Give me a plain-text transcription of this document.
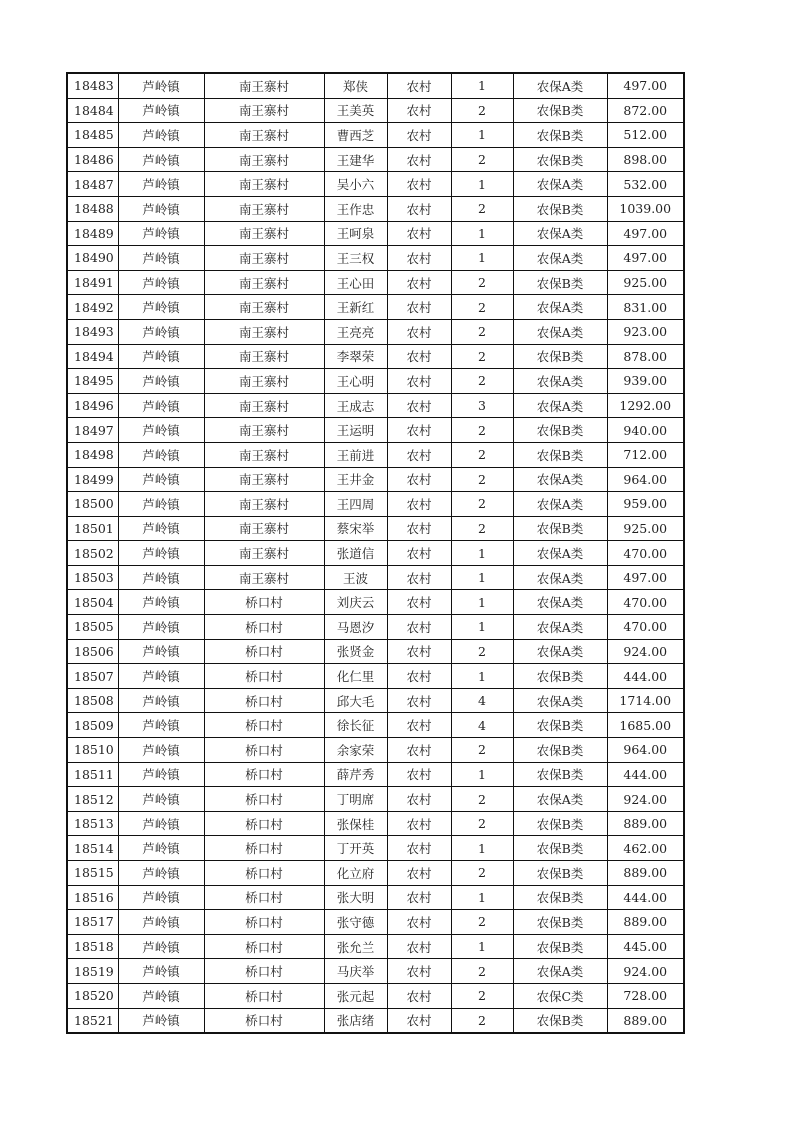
18483	芦岭镇	南王寨村	郑侠	农村	1	农保A类	497.00
18484	芦岭镇	南王寨村	王美英	农村	2	农保B类	872.00
18485	芦岭镇	南王寨村	曹西芝	农村	1	农保B类	512.00
18486	芦岭镇	南王寨村	王建华	农村	2	农保B类	898.00
18487	芦岭镇	南王寨村	吴小六	农村	1	农保A类	532.00
18488	芦岭镇	南王寨村	王作忠	农村	2	农保B类	1039.00
18489	芦岭镇	南王寨村	王呵泉	农村	1	农保A类	497.00
18490	芦岭镇	南王寨村	王三权	农村	1	农保A类	497.00
18491	芦岭镇	南王寨村	王心田	农村	2	农保B类	925.00
18492	芦岭镇	南王寨村	王新红	农村	2	农保A类	831.00
18493	芦岭镇	南王寨村	王亮亮	农村	2	农保A类	923.00
18494	芦岭镇	南王寨村	李翠荣	农村	2	农保B类	878.00
18495	芦岭镇	南王寨村	王心明	农村	2	农保A类	939.00
18496	芦岭镇	南王寨村	王成志	农村	3	农保A类	1292.00
18497	芦岭镇	南王寨村	王运明	农村	2	农保B类	940.00
18498	芦岭镇	南王寨村	王前进	农村	2	农保B类	712.00
18499	芦岭镇	南王寨村	王井金	农村	2	农保A类	964.00
18500	芦岭镇	南王寨村	王四周	农村	2	农保A类	959.00
18501	芦岭镇	南王寨村	蔡宋举	农村	2	农保B类	925.00
18502	芦岭镇	南王寨村	张道信	农村	1	农保A类	470.00
18503	芦岭镇	南王寨村	王波	农村	1	农保A类	497.00
18504	芦岭镇	桥口村	刘庆云	农村	1	农保A类	470.00
18505	芦岭镇	桥口村	马恩汐	农村	1	农保A类	470.00
18506	芦岭镇	桥口村	张贤金	农村	2	农保A类	924.00
18507	芦岭镇	桥口村	化仁里	农村	1	农保B类	444.00
18508	芦岭镇	桥口村	邱大毛	农村	4	农保A类	1714.00
18509	芦岭镇	桥口村	徐长征	农村	4	农保B类	1685.00
18510	芦岭镇	桥口村	余家荣	农村	2	农保B类	964.00
18511	芦岭镇	桥口村	薛芹秀	农村	1	农保B类	444.00
18512	芦岭镇	桥口村	丁明席	农村	2	农保A类	924.00
18513	芦岭镇	桥口村	张保桂	农村	2	农保B类	889.00
18514	芦岭镇	桥口村	丁开英	农村	1	农保B类	462.00
18515	芦岭镇	桥口村	化立府	农村	2	农保B类	889.00
18516	芦岭镇	桥口村	张大明	农村	1	农保B类	444.00
18517	芦岭镇	桥口村	张守德	农村	2	农保B类	889.00
18518	芦岭镇	桥口村	张允兰	农村	1	农保B类	445.00
18519	芦岭镇	桥口村	马庆举	农村	2	农保A类	924.00
18520	芦岭镇	桥口村	张元起	农村	2	农保C类	728.00
18521	芦岭镇	桥口村	张店绪	农村	2	农保B类	889.00
